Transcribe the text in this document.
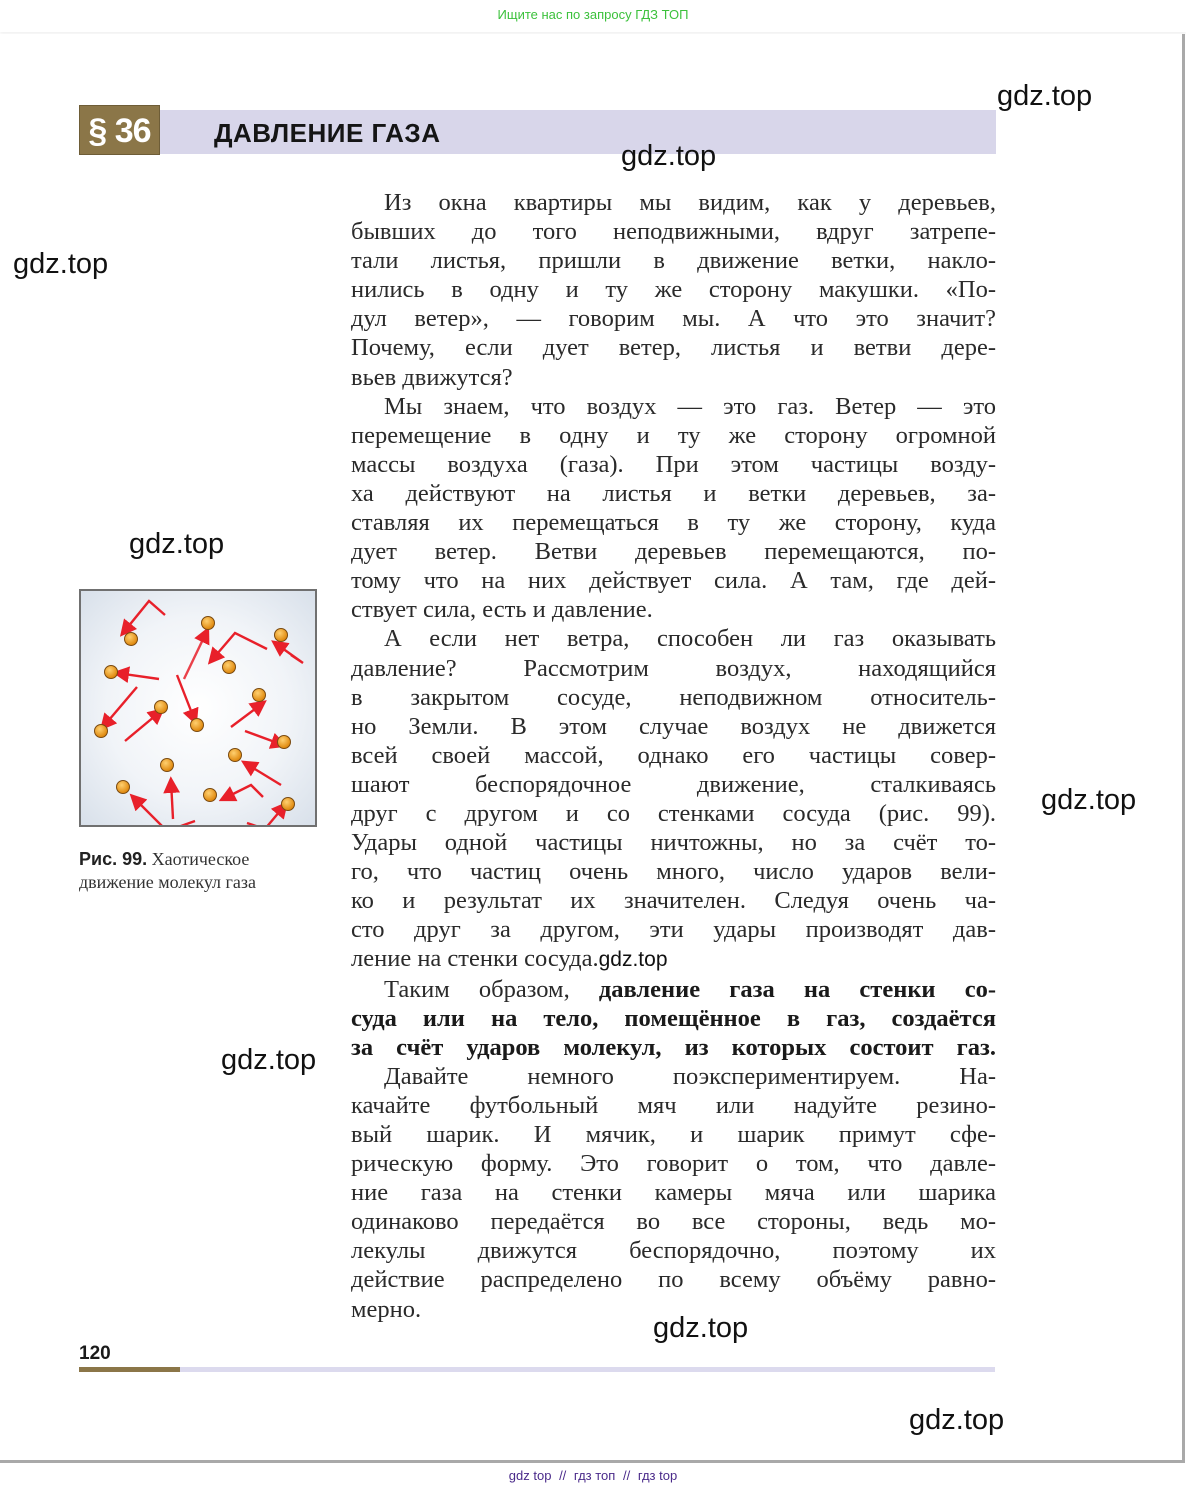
Ищите нас по запросу ГДЗ ТОП
§ 36	ДАВЛЕНИЕ ГАЗА
Из окна квартиры мы видим, как у деревьев,
бывших до того неподвижными, вдруг затрепе-
тали листья, пришли в движение ветки, накло-
нились в одну и ту же сторону макушки. «По-
дул ветер», — говорим мы. А что это значит?
Почему, если дует ветер, листья и ветви дере-
вьев движутся?
Мы знаем, что воздух — это газ. Ветер — это
перемещение в одну и ту же сторону огромной
массы воздуха (газа). При этом частицы возду-
ха действуют на листья и ветки деревьев, за-
ставляя их перемещаться в ту же сторону, куда
дует ветер. Ветви деревьев перемещаются, по-
тому что на них действует сила. А там, где дей-
ствует сила, есть и давление.
А если нет ветра, способен ли газ оказывать
давление? Рассмотрим воздух, находящийся
в закрытом сосуде, неподвижном относитель-
но Земли. В этом случае воздух не движется
всей своей массой, однако его частицы совер-
шают беспорядочное движение, сталкиваясь
друг с другом и со стенками сосуда (рис. 99).
Удары одной частицы ничтожны, но за счёт то-
го, что частиц очень много, число ударов вели-
ко и результат их значителен. Следуя очень ча-
сто друг за другом, эти удары производят дав-
ление на стенки сосуда.gdz.top
Таким образом, давление газа на стенки со-
суда или на тело, помещённое в газ, создаётся
за счёт ударов молекул, из которых состоит газ.
Давайте немного поэкспериментируем. На-
качайте футбольный мяч или надуйте резино-
вый шарик. И мячик, и шарик примут сфе-
рическую форму. Это говорит о том, что давле-
ние газа на стенки камеры мяча или шарика
одинаково передаётся во все стороны, ведь мо-
лекулы движутся беспорядочно, поэтому их
действие распределено по всему объёму равно-
мерно.
Рис. 99. Хаотическое движение молекул газа
120
gdz.top
gdz.top
gdz.top
gdz.top
gdz.top
gdz.top
gdz.top
gdz.top
gdz top // гдз топ // гдз top
